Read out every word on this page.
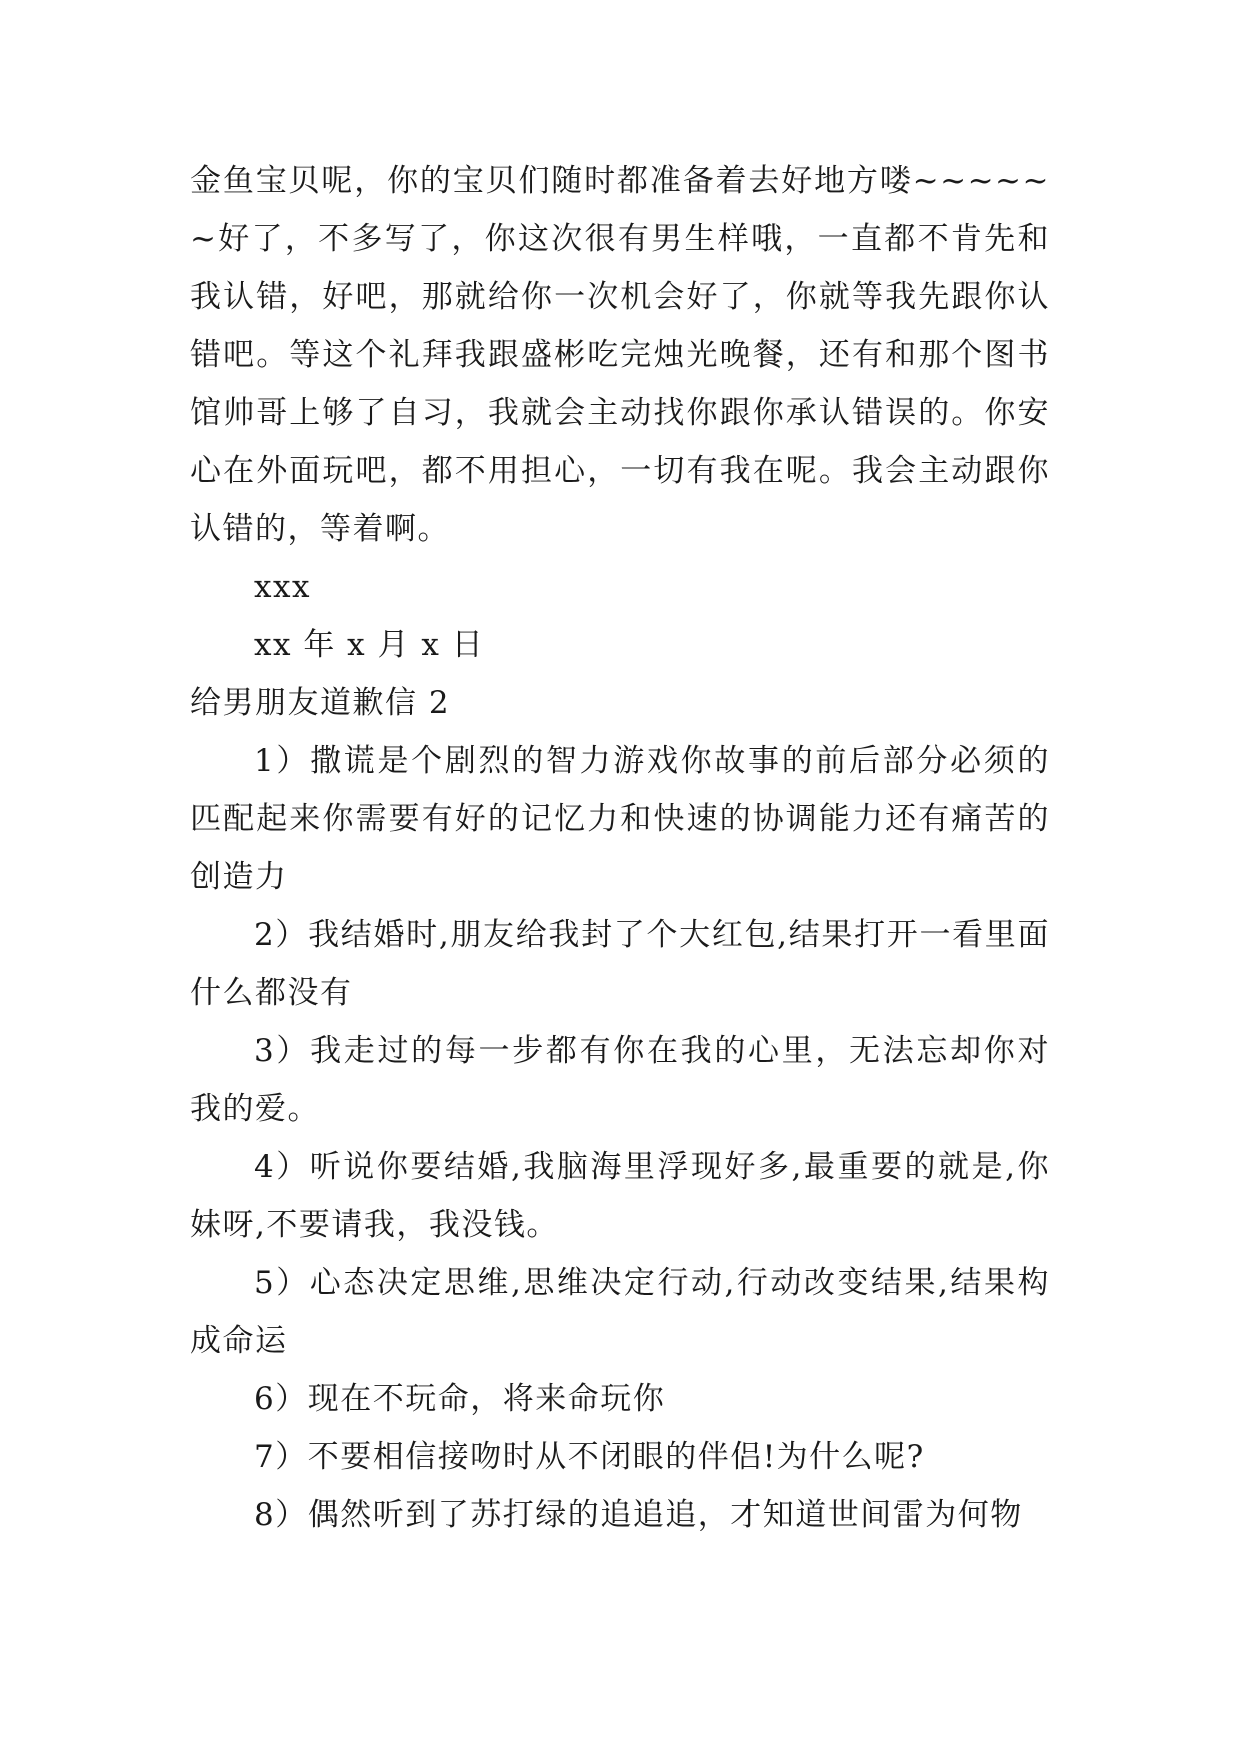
金鱼宝贝呢，你的宝贝们随时都准备着去好地方喽~~~~~~好了，不多写了，你这次很有男生样哦，一直都不肯先和我认错，好吧，那就给你一次机会好了，你就等我先跟你认错吧。等这个礼拜我跟盛彬吃完烛光晚餐，还有和那个图书馆帅哥上够了自习，我就会主动找你跟你承认错误的。你安心在外面玩吧，都不用担心，一切有我在呢。我会主动跟你认错的，等着啊。

xxx

xx 年 x 月 x 日

给男朋友道歉信 2

1）撒谎是个剧烈的智力游戏你故事的前后部分必须的匹配起来你需要有好的记忆力和快速的协调能力还有痛苦的创造力

2）我结婚时,朋友给我封了个大红包,结果打开一看里面什么都没有

3）我走过的每一步都有你在我的心里，无法忘却你对我的爱。

4）听说你要结婚,我脑海里浮现好多,最重要的就是,你妹呀,不要请我，我没钱。

5）心态决定思维,思维决定行动,行动改变结果,结果构成命运

6）现在不玩命，将来命玩你

7）不要相信接吻时从不闭眼的伴侣!为什么呢?

8）偶然听到了苏打绿的追追追，才知道世间雷为何物
